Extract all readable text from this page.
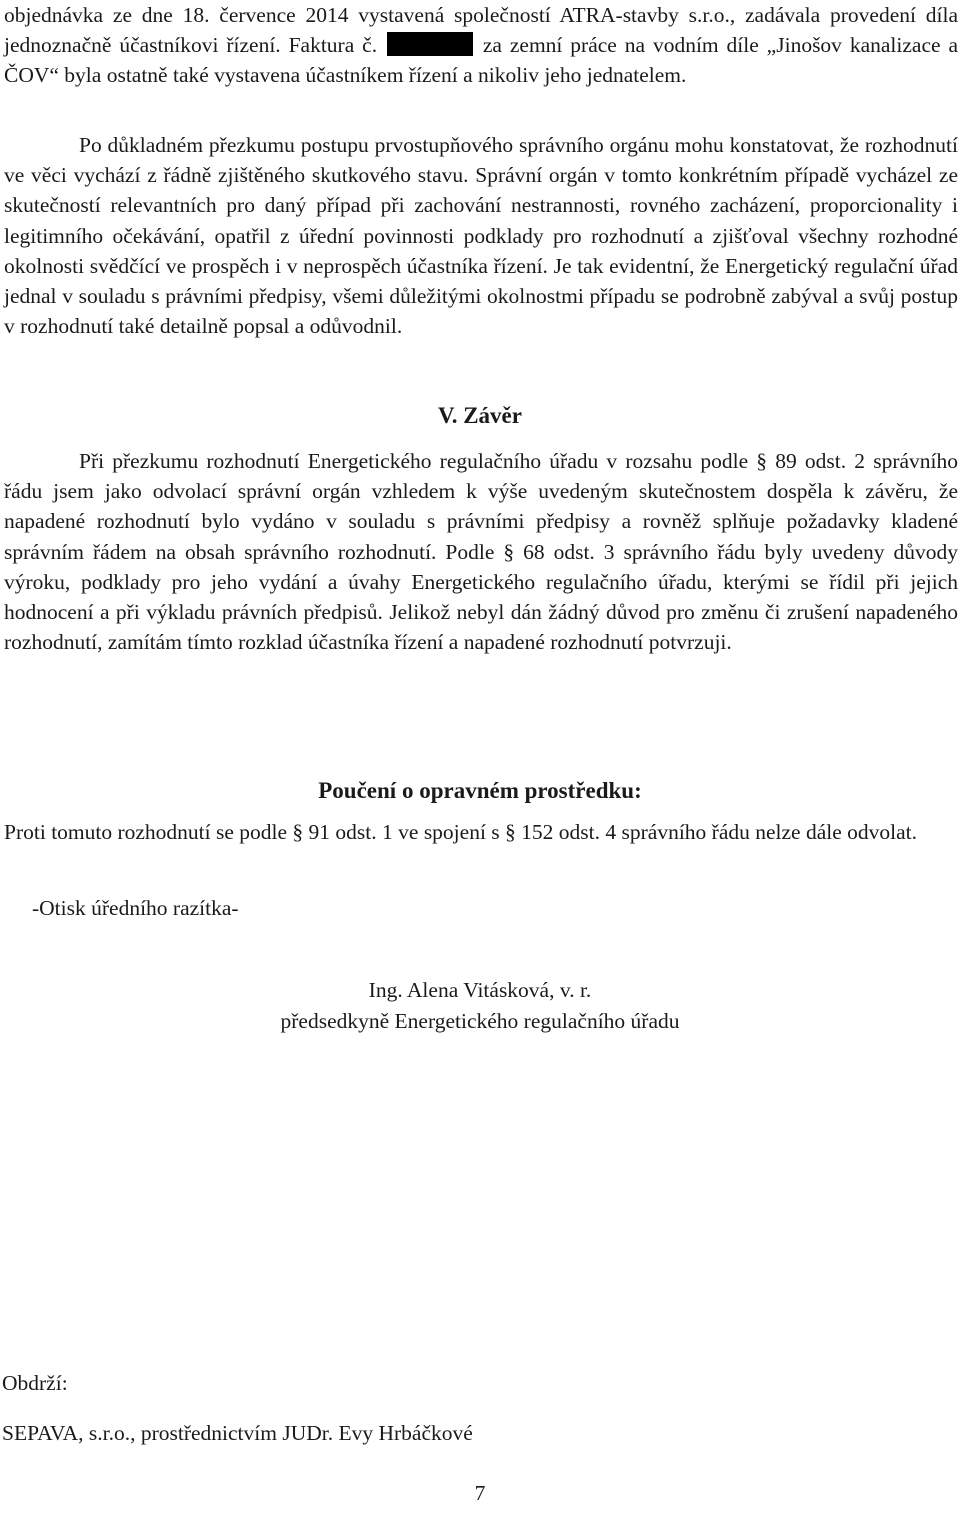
objednávka ze dne 18. července 2014 vystavená společností ATRA-stavby s.r.o., zadávala provedení díla jednoznačně účastníkovi řízení. Faktura č.	za zemní práce na vodním díle „Jinošov kanalizace a ČOV“ byla ostatně také vystavena účastníkem řízení a nikoliv jeho jednatelem.

Po důkladném přezkumu postupu prvostupňového správního orgánu mohu konstatovat, že rozhodnutí ve věci vychází z řádně zjištěného skutkového stavu. Správní orgán v tomto konkrétním případě vycházel ze skutečností relevantních pro daný případ při zachování nestrannosti, rovného zacházení, proporcionality i legitimního očekávání, opatřil z úřední povinnosti podklady pro rozhodnutí a zjišťoval všechny rozhodné okolnosti svědčící ve prospěch i v neprospěch účastníka řízení. Je tak evidentní, že Energetický regulační úřad jednal v souladu s právními předpisy, všemi důležitými okolnostmi případu se podrobně zabýval a svůj postup v rozhodnutí také detailně popsal a odůvodnil.

V. Závěr

Při přezkumu rozhodnutí Energetického regulačního úřadu v rozsahu podle § 89 odst. 2 správního řádu jsem jako odvolací správní orgán vzhledem k výše uvedeným skutečnostem dospěla k závěru, že napadené rozhodnutí bylo vydáno v souladu s právními předpisy a rovněž splňuje požadavky kladené správním řádem na obsah správního rozhodnutí. Podle § 68 odst. 3 správního řádu byly uvedeny důvody výroku, podklady pro jeho vydání a úvahy Energetického regulačního úřadu, kterými se řídil při jejich hodnocení a při výkladu právních předpisů. Jelikož nebyl dán žádný důvod pro změnu či zrušení napadeného rozhodnutí, zamítám tímto rozklad účastníka řízení a napadené rozhodnutí potvrzuji.

Poučení o opravném prostředku:

Proti tomuto rozhodnutí se podle § 91 odst. 1 ve spojení s § 152 odst. 4 správního řádu nelze dále odvolat.

-Otisk úředního razítka-

Ing. Alena Vitásková, v. r.

předsedkyně Energetického regulačního úřadu

Obdrží:

SEPAVA, s.r.o., prostřednictvím JUDr. Evy Hrbáčkové

7
